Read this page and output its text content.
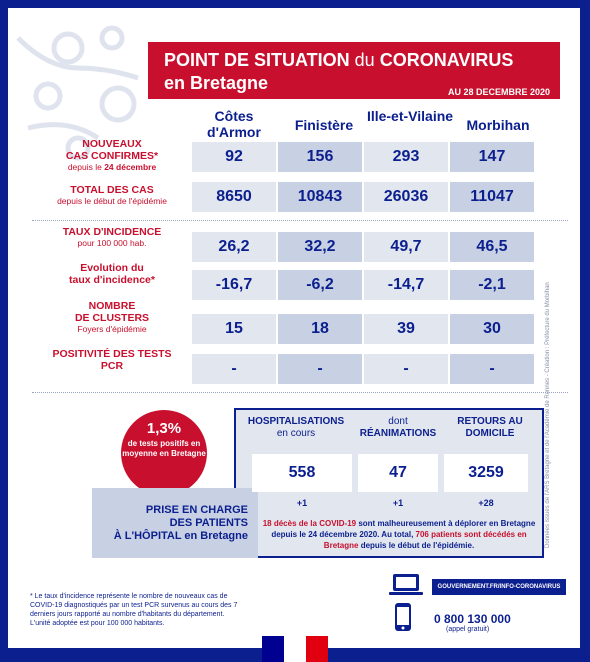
POINT DE SITUATION du CORONAVIRUS
en Bretagne	AU 28 DECEMBRE 2020
Côtes d'Armor	Finistère
Ille-et-Vilaine
Morbihan
1,3%
de tests positifs en moyenne en Bretagne
PRISE EN CHARGE
DES PATIENTS
À L'HÔPITAL en Bretagne
HOSPITALISATIONS
en cours
dont
RÉANIMATIONS
RETOURS AU
DOMICILE
558	47	3259
+1	+1	+28
18 décès de la COVID-19 sont malheureusement à déplorer en Bretagne depuis le 24 décembre 2020. Au total, 706 patients sont décédés en Bretagne depuis le début de l'épidémie.
* Le taux d'incidence représente le nombre de nouveaux cas de COVID-19 diagnostiqués par un test PCR survenus au cours des 7 derniers jours rapporté au nombre d'habitants du département. L'unité adoptée est pour 100 000 habitants.
GOUVERNEMENT.FR/INFO-CORONAVIRUS
0 800 130 000
(appel gratuit)
Données issues de l'ARS Bretagne et de l'Académie de Rennes - Création : Préfecture du Morbihan
NOUVEAUX
CAS CONFIRMES*
depuis le 24 décembre
92	156	293	147
TOTAL DES CAS
depuis le début de l'épidémie	8650	10843	26036	11047
TAUX D'INCIDENCE
pour 100 000 hab.	26,2	32,2	49,7	46,5
Evolution du
taux d'incidence*	-16,7	-6,2	-14,7	-2,1
NOMBRE
DE CLUSTERS
Foyers d'épidémie	15	18	39	30
POSITIVITÉ DES TESTS
PCR	-	-	-	-
